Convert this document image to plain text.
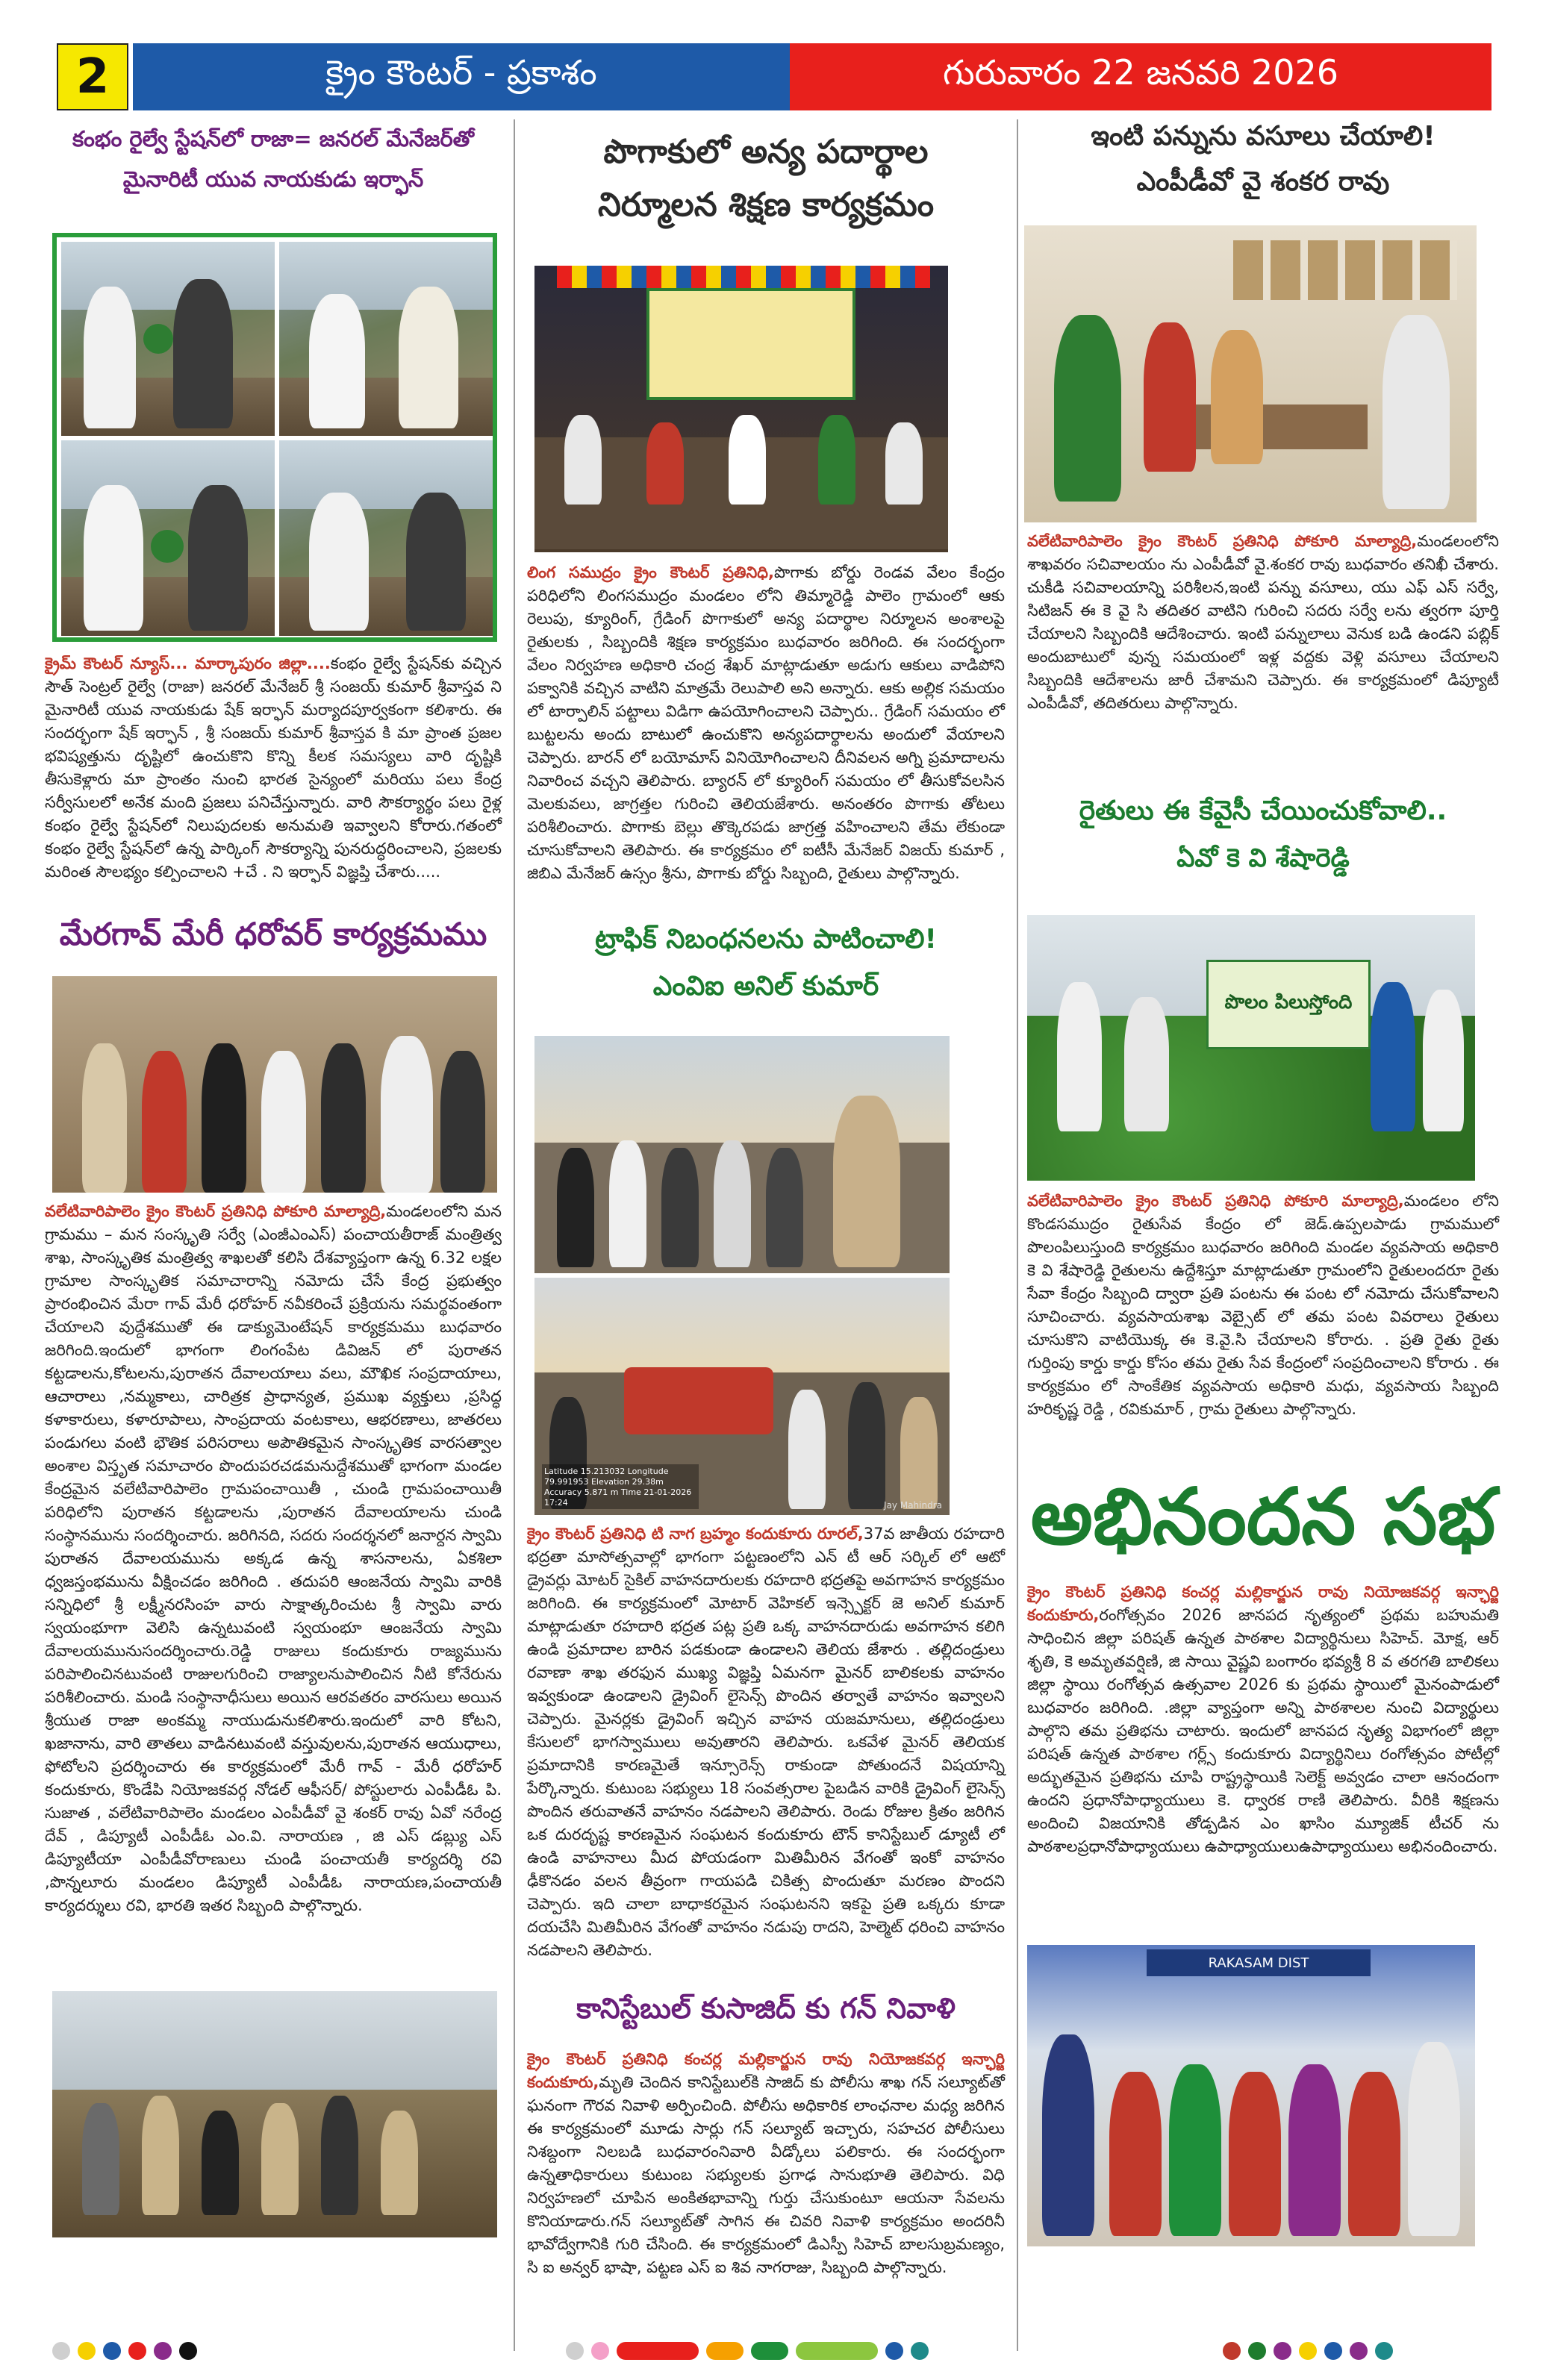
2	క్రైం కౌంటర్ - ప్రకాశం	గురువారం 22 జనవరి 2026
కంభం రైల్వే స్టేషన్‌లో రాజా= జనరల్ మేనేజర్‌తో
మైనారిటీ యువ నాయకుడు ఇర్ఫాన్
క్రైమ్ కౌంటర్ న్యూస్... మార్కాపురం జిల్లా....కంభం రైల్వే స్టేషన్‌కు వచ్చిన సౌత్ సెంట్రల్ రైల్వే (రాజా) జనరల్ మేనేజర్ శ్రీ సంజయ్ కుమార్ శ్రీవాస్తవ ని మైనారిటీ యువ నాయకుడు షేక్ ఇర్ఫాన్ మర్యాదపూర్వకంగా కలిశారు. ఈ సందర్భంగా షేక్ ఇర్ఫాన్ , శ్రీ సంజయ్ కుమార్ శ్రీవాస్తవ కి మా ప్రాంత ప్రజల భవిష్యత్తును దృష్టిలో ఉంచుకొని కొన్ని కీలక సమస్యలు వారి దృష్టికి తీసుకెళ్లారు మా ప్రాంతం నుంచి భారత సైన్యంలో మరియు పలు కేంద్ర సర్వీసులలో అనేక మంది ప్రజలు పనిచేస్తున్నారు. వారి సౌకర్యార్థం పలు రైళ్ల కంభం రైల్వే స్టేషన్‌లో నిలుపుదలకు అనుమతి ఇవ్వాలని కోరారు.గతంలో కంభం రైల్వే స్టేషన్‌లో ఉన్న పార్కింగ్ సౌకర్యాన్ని పునరుద్ధరించాలని, ప్రజలకు మరింత సౌలభ్యం కల్పించాలని +చే . ని ఇర్ఫాన్ విజ్ఞప్తి చేశారు.....
మేరగావ్ మేరీ ధరోవర్ కార్యక్రమము
వలేటివారిపాలెం క్రైం కౌంటర్ ప్రతినిధి పోకూరి మాల్యాద్రి,మండలంలోని మన గ్రామము – మన సంస్కృతి సర్వే (ఎంజీఎంఎస్) పంచాయతీరాజ్ మంత్రిత్వ శాఖ, సాంస్కృతిక మంత్రిత్వ శాఖలతో కలిసి దేశవ్యాప్తంగా ఉన్న 6.32 లక్షల గ్రామాల సాంస్కృతిక సమాచారాన్ని నమోదు చేసే కేంద్ర ప్రభుత్వం ప్రారంభించిన మేరా గావ్ మేరీ ధరోహర్ నవీకరించే ప్రక్రియను సమర్థవంతంగా చేయాలని వుద్దేశముతో ఈ డాక్యుమెంటేషన్ కార్యక్రమము బుధవారం జరిగింది.ఇందులో భాగంగా లింగంపేట డివిజన్ లో పురాతన కట్టడాలను,కోటలను,పురాతన దేవాలయాలు వలు, మౌఖిక సంప్రదాయాలు, ఆచారాలు ,నమ్మకాలు, చారిత్రక ప్రాధాన్యత, ప్రముఖ వ్యక్తులు ,ప్రసిద్ధ కళాకారులు, కళారూపాలు, సాంప్రదాయ వంటకాలు, ఆభరణాలు, జాతరలు పండుగలు వంటి భౌతిక పరిసరాలు అపౌతికమైన సాంస్కృతిక వారసత్వాల అంశాల విస్తృత సమాచారం పొందుపరచడమనుద్దేశముతో భాగంగా మండల కేంద్రమైన వలేటివారిపాలెం గ్రామపంచాయితీ , చుండి గ్రామపంచాయితీ పరిధిలోని పురాతన కట్టడాలను ,పురాతన దేవాలయాలను చుండి సంస్థానమును సందర్శించారు. జరిగినది, సదరు సందర్శనలో జనార్దన స్వామి పురాతన దేవాలయమును అక్కడ ఉన్న శాసనాలను, ఏకశిలా ధ్వజస్తంభమును వీక్షించడం జరిగింది . తదుపరి ఆంజనేయ స్వామి వారికి సన్నిధిలో శ్రీ లక్ష్మీనరసింహ వారు సాక్షాత్కరించుట శ్రీ స్వామి వారు స్వయంభూగా వెలిసి ఉన్నటువంటి స్వయంభూ ఆంజనేయ స్వామి దేవాలయమునుసందర్శించారు.రెడ్డి రాజులు కందుకూరు రాజ్యమును పరిపాలించినటువంటి రాజులగురించి రాజ్యాలనుపాలించిన నీటి కోనేరును పరిశీలించారు. మండి సంస్థానాధీసులు అయిన ఆరవతరం వారసులు అయిన శ్రీయుత రాజా అంకమ్మ నాయుడునుకలిశారు.ఇందులో వారి కోటని, ఖజానాను, వారి తాతలు వాడినటువంటి వస్తువులను,పురాతన ఆయుధాలు, ఫోటోలని ప్రదర్శించారు ఈ కార్యక్రమంలో మేరీ గావ్ - మేరీ ధరోహర్ కందుకూరు, కొండేపి నియోజకవర్గ నోడల్ ఆఫీసర్/ పోస్టులారు ఎంపీడీఓ పి. సుజాత , వలేటివారిపాలెం మండలం ఎంపీడీవో వై శంకర్ రావు ఏవో నరేంద్ర దేవ్ , డిప్యూటీ ఎంపీడీఓ ఎం.వి. నారాయణ , జి ఎస్ డబ్ల్యు ఎస్ డిప్యూటీయా ఎంపీడీవోరాణులు చుండి పంచాయతీ కార్యదర్శి రవి ,పొన్నలూరు మండలం డిప్యూటీ ఎంపీడీఓ నారాయణ,పంచాయతీ కార్యదర్శులు రవి, భారతి ఇతర సిబ్బంది పాల్గొన్నారు.
పొగాకులో అన్య పదార్థాల
నిర్మూలన శిక్షణ కార్యక్రమం
లింగ సముద్రం క్రైం కౌంటర్ ప్రతినిధి,పొగాకు బోర్డు రెండవ వేలం కేంద్రం పరిధిలోని లింగసముద్రం మండలం లోని తిమ్మారెడ్డి పాలెం గ్రామంలో ఆకు రెలుపు, క్యూరింగ్, గ్రేడింగ్ పొగాకులో అన్య పదార్థాల నిర్మూలన అంశాలపై రైతులకు , సిబ్బందికి శిక్షణ కార్యక్రమం బుధవారం జరిగింది. ఈ సందర్భంగా వేలం నిర్వహణ అధికారి చంద్ర శేఖర్ మాట్లాడుతూ అడుగు ఆకులు వాడిపోని పక్వానికి వచ్చిన వాటిని మాత్రమే రెలుపాలి అని అన్నారు. ఆకు అల్లిక సమయం లో టార్పాలిన్ పట్టాలు విడిగా ఉపయోగించాలని చెప్పారు.. గ్రేడింగ్ సమయం లో బుట్టలను అందు బాటులో ఉంచుకొని అన్యపదార్థాలను అందులో వేయాలని చెప్పారు. బారన్ లో బయోమాస్ వినియోగించాలని దీనివలన అగ్ని ప్రమాదాలను నివారించ వచ్చని తెలిపారు. బ్యారన్ లో క్యూరింగ్ సమయం లో తీసుకోవలసిన మెలకువలు, జాగ్రత్తల గురించి తెలియజేశారు. అనంతరం పొగాకు తోటలు పరిశీలించారు. పొగాకు బెల్లు తొక్కెరపడు జాగ్రత్త వహించాలని తేమ లేకుండా చూసుకోవాలని తెలిపారు. ఈ కార్యక్రమం లో ఐటీసీ మేనేజర్ విజయ్ కుమార్ , జిబిఎ మేనేజర్ ఉస్సం శ్రీను, పొగాకు బోర్డు సిబ్బంది, రైతులు పాల్గొన్నారు.
ట్రాఫిక్ నిబంధనలను పాటించాలి!
ఎంవిఐ అనిల్ కుమార్
Latitude 15.213032 Longitude 79.991953 Elevation 29.38m Accuracy 5.871 m Time 21-01-2026 17:24	Jay Mahindra
క్రైం కౌంటర్ ప్రతినిధి టి నాగ బ్రహ్మం కందుకూరు రూరల్,37వ జాతీయ రహదారి భద్రతా మాసోత్సవాల్లో భాగంగా పట్టణంలోని ఎన్ టీ ఆర్ సర్కిల్ లో ఆటో డ్రైవర్లు మోటర్ సైకిల్ వాహనదారులకు రహదారి భద్రతపై అవగాహన కార్యక్రమం జరిగింది. ఈ కార్యక్రమంలో మోటార్ వెహికల్ ఇన్స్పెక్టర్ జె అనిల్ కుమార్ మాట్లాడుతూ రహదారి భద్రత పట్ల ప్రతి ఒక్క వాహనదారుడు అవగాహన కలిగి ఉండి ప్రమాదాల బారిన పడకుండా ఉండాలని తెలియ జేశారు . తల్లిదండ్రులు రవాణా శాఖ తరఫున ముఖ్య విజ్ఞప్తి ఏమనగా మైనర్ బాలికలకు వాహనం ఇవ్వకుండా ఉండాలని డ్రైవింగ్ లైసెన్స్ పొందిన తర్వాతే వాహనం ఇవ్వాలని చెప్పారు. మైనర్లకు డ్రైవింగ్ ఇచ్చిన వాహన యజమానులు, తల్లిదండ్రులు కేసులలో భాగస్వాములు అవుతారని తెలిపారు. ఒకవేళ మైనర్ తెలియక ప్రమాదానికి కారణమైతే ఇన్సూరెన్స్ రాకుండా పోతుందనే విషయాన్ని పేర్కొన్నారు. కుటుంబ సభ్యులు 18 సంవత్సరాల పైబడిన వారికి డ్రైవింగ్ లైసెన్స్ పొందిన తరువాతనే వాహనం నడపాలని తెలిపారు. రెండు రోజుల క్రితం జరిగిన ఒక దురదృష్ట కారణమైన సంఘటన కందుకూరు టౌన్ కానిస్టేబుల్ డ్యూటీ లో ఉండి వాహనాలు మీద పోయడంగా మితిమీరిన వేగంతో ఇంకో వాహనం ఢీకొనడం వలన తీవ్రంగా గాయపడి చికిత్స పొందుతూ మరణం పొందని చెప్పారు. ఇది చాలా బాధాకరమైన సంఘటనని ఇకపై ప్రతి ఒక్కరు కూడా దయచేసి మితిమీరిన వేగంతో వాహనం నడుపు రాదని, హెల్మెట్ ధరించి వాహనం నడపాలని తెలిపారు.
కానిస్టేబుల్ కుసాజిద్ కు గన్ నివాళి
క్రైం కౌంటర్ ప్రతినిధి కంచర్ల మల్లికార్జున రావు నియోజకవర్గ ఇన్ఛార్జి కందుకూరు,మృతి చెందిన కానిస్టేబుల్‌కి సాజిద్ కు పోలీసు శాఖ గన్ సల్యూట్‌తో ఘనంగా గౌరవ నివాళి అర్పించింది. పోలీసు అధికారిక లాంఛనాల మధ్య జరిగిన ఈ కార్యక్రమంలో మూడు సార్లు గన్ సల్యూట్ ఇచ్చారు, సహచర పోలీసులు నిశబ్దంగా నిలబడి బుధవారంనివారి వీడ్కోలు పలికారు. ఈ సందర్భంగా ఉన్నతాధికారులు కుటుంబ సభ్యులకు ప్రగాఢ సానుభూతి తెలిపారు. విధి నిర్వహణలో చూపిన అంకితభావాన్ని గుర్తు చేసుకుంటూ ఆయనా సేవలను కొనియాడారు.గన్ సల్యూట్‌తో సాగిన ఈ చివరి నివాళి కార్యక్రమం అందరినీ భావోద్వేగానికి గురి చేసింది. ఈ కార్యక్రమంలో డిఎస్పీ సిహెచ్ బాలసుబ్రమణ్యం, సి ఐ అన్వర్ భాషా, పట్టణ ఎస్ ఐ శివ నాగరాజు, సిబ్బంది పాల్గొన్నారు.
ఇంటి పన్నును వసూలు చేయాలి!
ఎంపీడీవో వై శంకర రావు
వలేటివారిపాలెం క్రైం కౌంటర్ ప్రతినిధి పోకూరి మాల్యాద్రి,మండలంలోని శాఖవరం సచివాలయం ను ఎంపీడీవో వై.శంకర రావు బుధవారం తనిఖీ చేశారు. చుకీడి సచివాలయాన్ని పరిశీలన,ఇంటి పన్ను వసూలు, యు ఎఫ్ ఎస్ సర్వే, సిటిజన్ ఈ కె వై సి తదితర వాటిని గురించి సదరు సర్వే లను త్వరగా పూర్తి చేయాలని సిబ్బందికి ఆదేశించారు. ఇంటి పన్నులాలు వెనుక బడి ఉండని పబ్లిక్ అందుబాటులో వున్న సమయంలో ఇళ్ల వద్దకు వెళ్లి వసూలు చేయాలని సిబ్బందికి ఆదేశాలను జారీ చేశామని చెప్పారు. ఈ కార్యక్రమంలో డిప్యూటీ ఎంపీడీవో, తదితరులు పాల్గొన్నారు.
రైతులు ఈ కేవైసీ చేయించుకోవాలి..
ఏవో కె వి శేషారెడ్డి
పొలం పిలుస్తోంది
వలేటివారిపాలెం క్రైం కౌంటర్ ప్రతినిధి పోకూరి మాల్యాద్రి,మండలం లోని కొండసముద్రం రైతుసేవ కేంద్రం లో జెడ్.ఉప్పలపాడు గ్రామములో పొలంపిలుస్తుంది కార్యక్రమం బుధవారం జరిగింది మండల వ్యవసాయ అధికారి కె వి శేషారెడ్డి రైతులను ఉద్దేశిస్తూ మాట్లాడుతూ గ్రామంలోని రైతులందరూ రైతు సేవా కేంద్రం సిబ్బంది ద్వారా ప్రతి పంటను ఈ పంట లో నమోదు చేసుకోవాలని సూచించారు. వ్యవసాయశాఖ వెబ్సైట్ లో తమ పంట వివరాలు రైతులు చూసుకొని వాటియొక్క ఈ కె.వై.సి చేయాలని కోరారు. . ప్రతి రైతు రైతు గుర్తింపు కార్డు కార్డు కోసం తమ రైతు సేవ కేంద్రంలో సంప్రదించాలని కోరారు . ఈ కార్యక్రమం లో సాంకేతిక వ్యవసాయ అధికారి మధు, వ్యవసాయ సిబ్బంది హరికృష్ణ రెడ్డి , రవికుమార్ , గ్రామ రైతులు పాల్గొన్నారు.
అభినందన సభ
క్రైం కౌంటర్ ప్రతినిధి కంచర్ల మల్లికార్జున రావు నియోజకవర్గ ఇన్ఛార్జి కందుకూరు,రంగోత్సవం 2026 జానపద నృత్యంలో ప్రథమ బహుమతి సాధించిన జిల్లా పరిషత్ ఉన్నత పాఠశాల విద్యార్థినులు సిహెచ్. మోక్ష, ఆర్ శృతి, కె అమృతవర్షిణి, జి సాయి వైష్ణవి బంగారం భవ్యశ్రీ 8 వ తరగతి బాలికలు జిల్లా స్థాయి రంగోత్సవ ఉత్సవాల 2026 కు ప్రథమ స్థాయిలో మైనంపాడులో బుధవారం జరిగింది. .జిల్లా వ్యాప్తంగా అన్ని పాఠశాలల నుంచి విద్యార్థులు పాల్గొని తమ ప్రతిభను చాటారు. ఇందులో జానపద నృత్య విభాగంలో జిల్లా పరిషత్ ఉన్నత పాఠశాల గర్ల్స్ కందుకూరు విద్యార్థినిలు రంగోత్సవం పోటీల్లో అద్భుతమైన ప్రతిభను చూపి రాష్ట్రస్థాయికి సెలెక్ట్ అవ్వడం చాలా ఆనందంగా ఉందని ప్రధానోపాధ్యాయులు కె. ధ్వారక రాణి తెలిపారు. వీరికి శిక్షణను అందించి విజయానికి తోడ్పడిన ఎం ఖాసిం మ్యూజిక్ టీచర్ ను పాఠశాలప్రధానోపాధ్యాయులు ఉపాధ్యాయులుఉపాధ్యాయులు అభినందించారు.
RAKASAM DIST
